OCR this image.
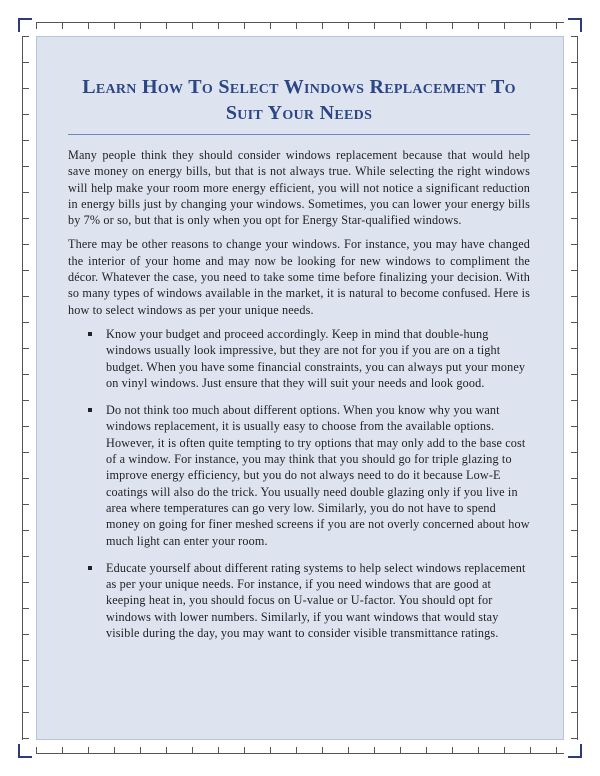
Learn How To Select Windows Replacement To Suit Your Needs

Many people think they should consider windows replacement because that would help save money on energy bills, but that is not always true. While selecting the right windows will help make your room more energy efficient, you will not notice a significant reduction in energy bills just by changing your windows. Sometimes, you can lower your energy bills by 7% or so, but that is only when you opt for Energy Star-qualified windows.

There may be other reasons to change your windows. For instance, you may have changed the interior of your home and may now be looking for new windows to compliment the décor. Whatever the case, you need to take some time before finalizing your decision. With so many types of windows available in the market, it is natural to become confused. Here is how to select windows as per your unique needs.

Know your budget and proceed accordingly. Keep in mind that double-hung windows usually look impressive, but they are not for you if you are on a tight budget. When you have some financial constraints, you can always put your money on vinyl windows. Just ensure that they will suit your needs and look good.
Do not think too much about different options. When you know why you want windows replacement, it is usually easy to choose from the available options. However, it is often quite tempting to try options that may only add to the base cost of a window. For instance, you may think that you should go for triple glazing to improve energy efficiency, but you do not always need to do it because Low-E coatings will also do the trick. You usually need double glazing only if you live in area where temperatures can go very low. Similarly, you do not have to spend money on going for finer meshed screens if you are not overly concerned about how much light can enter your room.
Educate yourself about different rating systems to help select windows replacement as per your unique needs. For instance, if you need windows that are good at keeping heat in, you should focus on U-value or U-factor. You should opt for windows with lower numbers. Similarly, if you want windows that would stay visible during the day, you may want to consider visible transmittance ratings.
